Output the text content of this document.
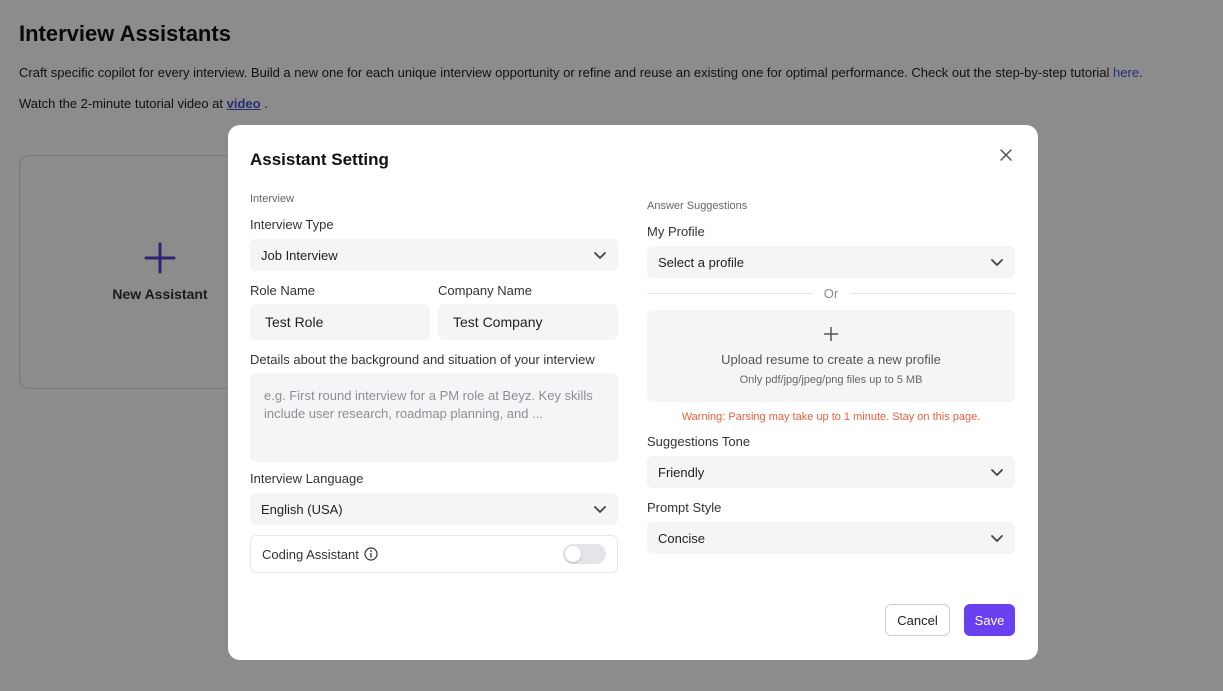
Interview Assistants
Craft specific copilot for every interview. Build a new one for each unique interview opportunity or refine and reuse an existing one for optimal performance. Check out the step-by-step tutorial here.
Watch the 2-minute tutorial video at video .
New Assistant
Assistant Setting
Interview
Interview Type
Job Interview
Role Name
Test Role
Company Name
Test Company
Details about the background and situation of your interview
e.g. First round interview for a PM role at Beyz. Key skills include user research, roadmap planning, and ...
Interview Language
English (USA)
Coding Assistant
Answer Suggestions
My Profile
Select a profile
Or
Upload resume to create a new profile
Only pdf/jpg/jpeg/png files up to 5 MB
Warning: Parsing may take up to 1 minute. Stay on this page.
Suggestions Tone
Friendly
Prompt Style
Concise
Cancel	Save
